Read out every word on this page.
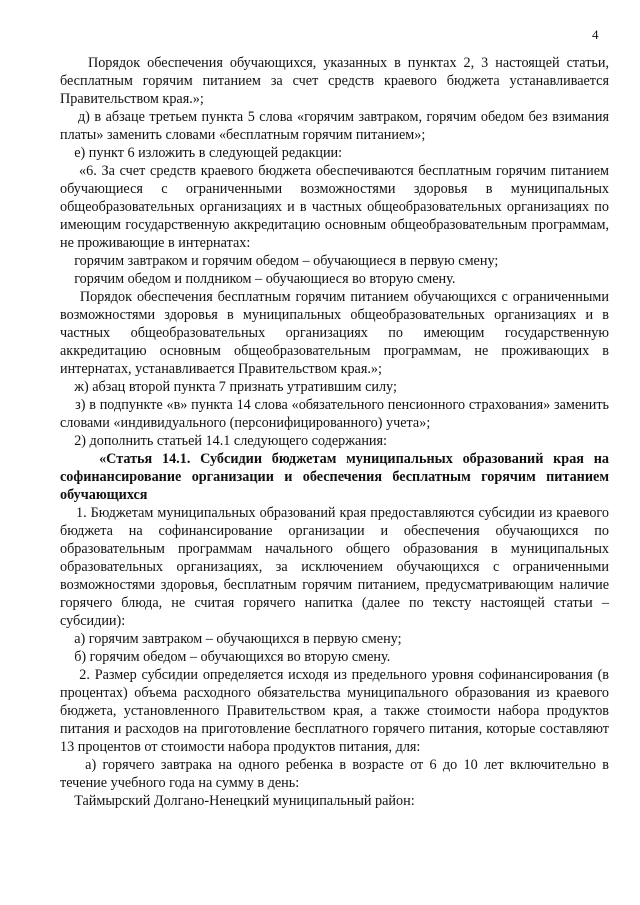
4

Порядок обеспечения обучающихся, указанных в пунктах 2, 3 настоящей статьи, бесплатным горячим питанием за счет средств краевого бюджета устанавливается Правительством края.»;

д) в абзаце третьем пункта 5 слова «горячим завтраком, горячим обедом без взимания платы» заменить словами «бесплатным горячим питанием»;

е) пункт 6 изложить в следующей редакции:

«6. За счет средств краевого бюджета обеспечиваются бесплатным горячим питанием обучающиеся с ограниченными возможностями здоровья в муниципальных общеобразовательных организациях и в частных общеобразовательных организациях по имеющим государственную аккредитацию основным общеобразовательным программам, не проживающие в интернатах:

горячим завтраком и горячим обедом – обучающиеся в первую смену;

горячим обедом и полдником – обучающиеся во вторую смену.

Порядок обеспечения бесплатным горячим питанием обучающихся с ограниченными возможностями здоровья в муниципальных общеобразовательных организациях и в частных общеобразовательных организациях по имеющим государственную аккредитацию основным общеобразовательным программам, не проживающих в интернатах, устанавливается Правительством края.»;

ж) абзац второй пункта 7 признать утратившим силу;

з) в подпункте «в» пункта 14 слова «обязательного пенсионного страхования» заменить словами «индивидуального (персонифицированного) учета»;

2) дополнить статьей 14.1 следующего содержания:

«Статья 14.1. Субсидии бюджетам муниципальных образований края на софинансирование организации и обеспечения бесплатным горячим питанием обучающихся

1. Бюджетам муниципальных образований края предоставляются субсидии из краевого бюджета на софинансирование организации и обеспечения обучающихся по образовательным программам начального общего образования в муниципальных образовательных организациях, за исключением обучающихся с ограниченными возможностями здоровья, бесплатным горячим питанием, предусматривающим наличие горячего блюда, не считая горячего напитка (далее по тексту настоящей статьи – субсидии):

а) горячим завтраком – обучающихся в первую смену;

б) горячим обедом – обучающихся во вторую смену.

2. Размер субсидии определяется исходя из предельного уровня софинансирования (в процентах) объема расходного обязательства муниципального образования из краевого бюджета, установленного Правительством края, а также стоимости набора продуктов питания и расходов на приготовление бесплатного горячего питания, которые составляют 13 процентов от стоимости набора продуктов питания, для:

а) горячего завтрака на одного ребенка в возрасте от 6 до 10 лет включительно в течение учебного года на сумму в день:

Таймырский Долгано-Ненецкий муниципальный район:
